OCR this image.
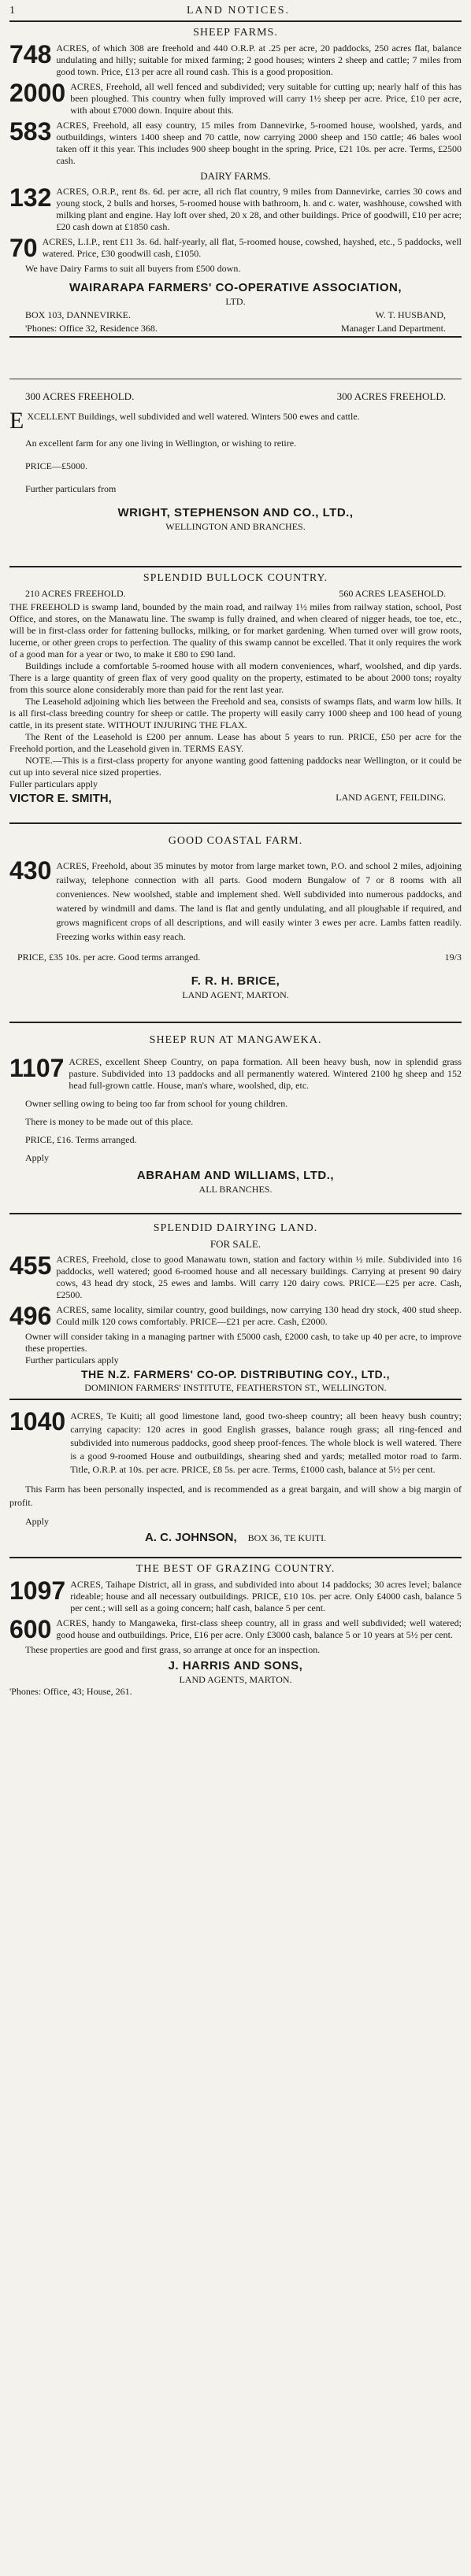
1	LAND NOTICES.
SHEEP FARMS.
748 ACRES, of which 308 are freehold and 440 O.R.P. at .25 per acre, 20 paddocks, 250 acres flat, balance undulating and hilly; suitable for mixed farming; 2 good houses; winters 2 sheep and cattle; 7 miles from good town. Price, £13 per acre all round cash. This is a good proposition.

2000 ACRES, Freehold, all well fenced and subdivided; very suitable for cutting up; nearly half of this has been ploughed. This country when fully improved will carry 1½ sheep per acre. Price, £10 per acre, with about £7000 down. Inquire about this.

583 ACRES, Freehold, all easy country, 15 miles from Dannevirke, 5-roomed house, woolshed, yards, and outbuildings, winters 1400 sheep and 70 cattle, now carrying 2000 sheep and 150 cattle; 46 bales wool taken off it this year. This includes 900 sheep bought in the spring. Price, £21 10s. per acre. Terms, £2500 cash.

DAIRY FARMS.
132 ACRES, O.R.P., rent 8s. 6d. per acre, all rich flat country, 9 miles from Dannevirke, carries 30 cows and young stock, 2 bulls and horses, 5-roomed house with bathroom, h. and c. water, washhouse, cowshed with milking plant and engine. Hay loft over shed, 20 x 28, and other buildings. Price of goodwill, £10 per acre; £20 cash down at £1850 cash.

70 ACRES, L.I.P., rent £11 3s. 6d. half-yearly, all flat, 5-roomed house, cowshed, hayshed, etc., 5 paddocks, well watered. Price, £30 goodwill cash, £1050.

We have Dairy Farms to suit all buyers from £500 down.

WAIRARAPA FARMERS' CO-OPERATIVE ASSOCIATION,
LTD.
BOX 103, DANNEVIRKE.	W. T. HUSBAND,
'Phones: Office 32, Residence 368.	Manager Land Department.
300 ACRES FREEHOLD.	300 ACRES FREEHOLD.
E XCELLENT Buildings, well subdivided and well watered. Winters 500 ewes and cattle.

An excellent farm for any one living in Wellington, or wishing to retire.

PRICE—£5000.

Further particulars from

WRIGHT, STEPHENSON AND CO., LTD.,
WELLINGTON AND BRANCHES.
SPLENDID BULLOCK COUNTRY.
210 ACRES FREEHOLD.	560 ACRES LEASEHOLD.

THE FREEHOLD is swamp land, bounded by the main road, and railway 1½ miles from railway station, school, Post Office, and stores, on the Manawatu line. The swamp is fully drained, and when cleared of nigger heads, toe toe, etc., will be in first-class order for fattening bullocks, milking, or for market gardening. When turned over will grow roots, lucerne, or other green crops to perfection. The quality of this swamp cannot be excelled. That it only requires the work of a good man for a year or two, to make it £80 to £90 land.

Buildings include a comfortable 5-roomed house with all modern conveniences, wharf, woolshed, and dip yards. There is a large quantity of green flax of very good quality on the property, estimated to be about 2000 tons; royalty from this source alone considerably more than paid for the rent last year.

The Leasehold adjoining which lies between the Freehold and sea, consists of swamps flats, and warm low hills. It is all first-class breeding country for sheep or cattle. The property will easily carry 1000 sheep and 100 head of young cattle, in its present state. WITHOUT INJURING THE FLAX.

The Rent of the Leasehold is £200 per annum. Lease has about 5 years to run. PRICE, £50 per acre for the Freehold portion, and the Leasehold given in. TERMS EASY.

NOTE.—This is a first-class property for anyone wanting good fattening paddocks near Wellington, or it could be cut up into several nice sized properties.

Fuller particulars apply

VICTOR E. SMITH,	LAND AGENT, FEILDING.
GOOD COASTAL FARM.
430 ACRES, Freehold, about 35 minutes by motor from large market town, P.O. and school 2 miles, adjoining railway, telephone connection with all parts. Good modern Bungalow of 7 or 8 rooms with all conveniences. New woolshed, stable and implement shed. Well subdivided into numerous paddocks, and watered by windmill and dams. The land is flat and gently undulating, and all ploughable if required, and grows magnificent crops of all descriptions, and will easily winter 3 ewes per acre. Lambs fatten readily. Freezing works within easy reach.

PRICE, £35 10s. per acre. Good terms arranged.	19/3
F. R. H. BRICE,
LAND AGENT, MARTON.
SHEEP RUN AT MANGAWEKA.
1107 ACRES, excellent Sheep Country, on papa formation. All been heavy bush, now in splendid grass pasture. Subdivided into 13 paddocks and all permanently watered. Wintered 2100 hg sheep and 152 head full-grown cattle. House, man's whare, woolshed, dip, etc.

Owner selling owing to being too far from school for young children.

There is money to be made out of this place.

PRICE, £16. Terms arranged.

Apply

ABRAHAM AND WILLIAMS, LTD.,
ALL BRANCHES.
SPLENDID DAIRYING LAND.
FOR SALE.
455 ACRES, Freehold, close to good Manawatu town, station and factory within ½ mile. Subdivided into 16 paddocks, well watered; good 6-roomed house and all necessary buildings. Carrying at present 90 dairy cows, 43 head dry stock, 25 ewes and lambs. Will carry 120 dairy cows. PRICE—£25 per acre. Cash, £2500.

496 ACRES, same locality, similar country, good buildings, now carrying 130 head dry stock, 400 stud sheep. Could milk 120 cows comfortably. PRICE—£21 per acre. Cash, £2000.

Owner will consider taking in a managing partner with £5000 cash, £2000 cash, to take up 40 per acre, to improve these properties.

Further particulars apply

THE N.Z. FARMERS' CO-OP. DISTRIBUTING COY., LTD.,
DOMINION FARMERS' INSTITUTE, FEATHERSTON ST., WELLINGTON.
1040 ACRES, Te Kuiti; all good limestone land, good two-sheep country; all been heavy bush country; carrying capacity: 120 acres in good English grasses, balance rough grass; all ring-fenced and subdivided into numerous paddocks, good sheep proof-fences. The whole block is well watered. There is a good 9-roomed House and outbuildings, shearing shed and yards; metalled motor road to farm. Title, O.R.P. at 10s. per acre. PRICE, £8 5s. per acre. Terms, £1000 cash, balance at 5½ per cent.

This Farm has been personally inspected, and is recommended as a great bargain, and will show a big margin of profit.

Apply

A. C. JOHNSON, BOX 36, TE KUITI.
THE BEST OF GRAZING COUNTRY.
1097 ACRES, Taihape District, all in grass, and subdivided into about 14 paddocks; 30 acres level; balance rideable; house and all necessary outbuildings. PRICE, £10 10s. per acre. Only £4000 cash, balance 5 per cent.; will sell as a going concern; half cash, balance 5 per cent.

600 ACRES, handy to Mangaweka, first-class sheep country, all in grass and well subdivided; well watered; good house and outbuildings. Price, £16 per acre. Only £3000 cash, balance 5 or 10 years at 5½ per cent.

These properties are good and first grass, so arrange at once for an inspection.

J. HARRIS AND SONS,
LAND AGENTS, MARTON.

'Phones: Office, 43; House, 261.
